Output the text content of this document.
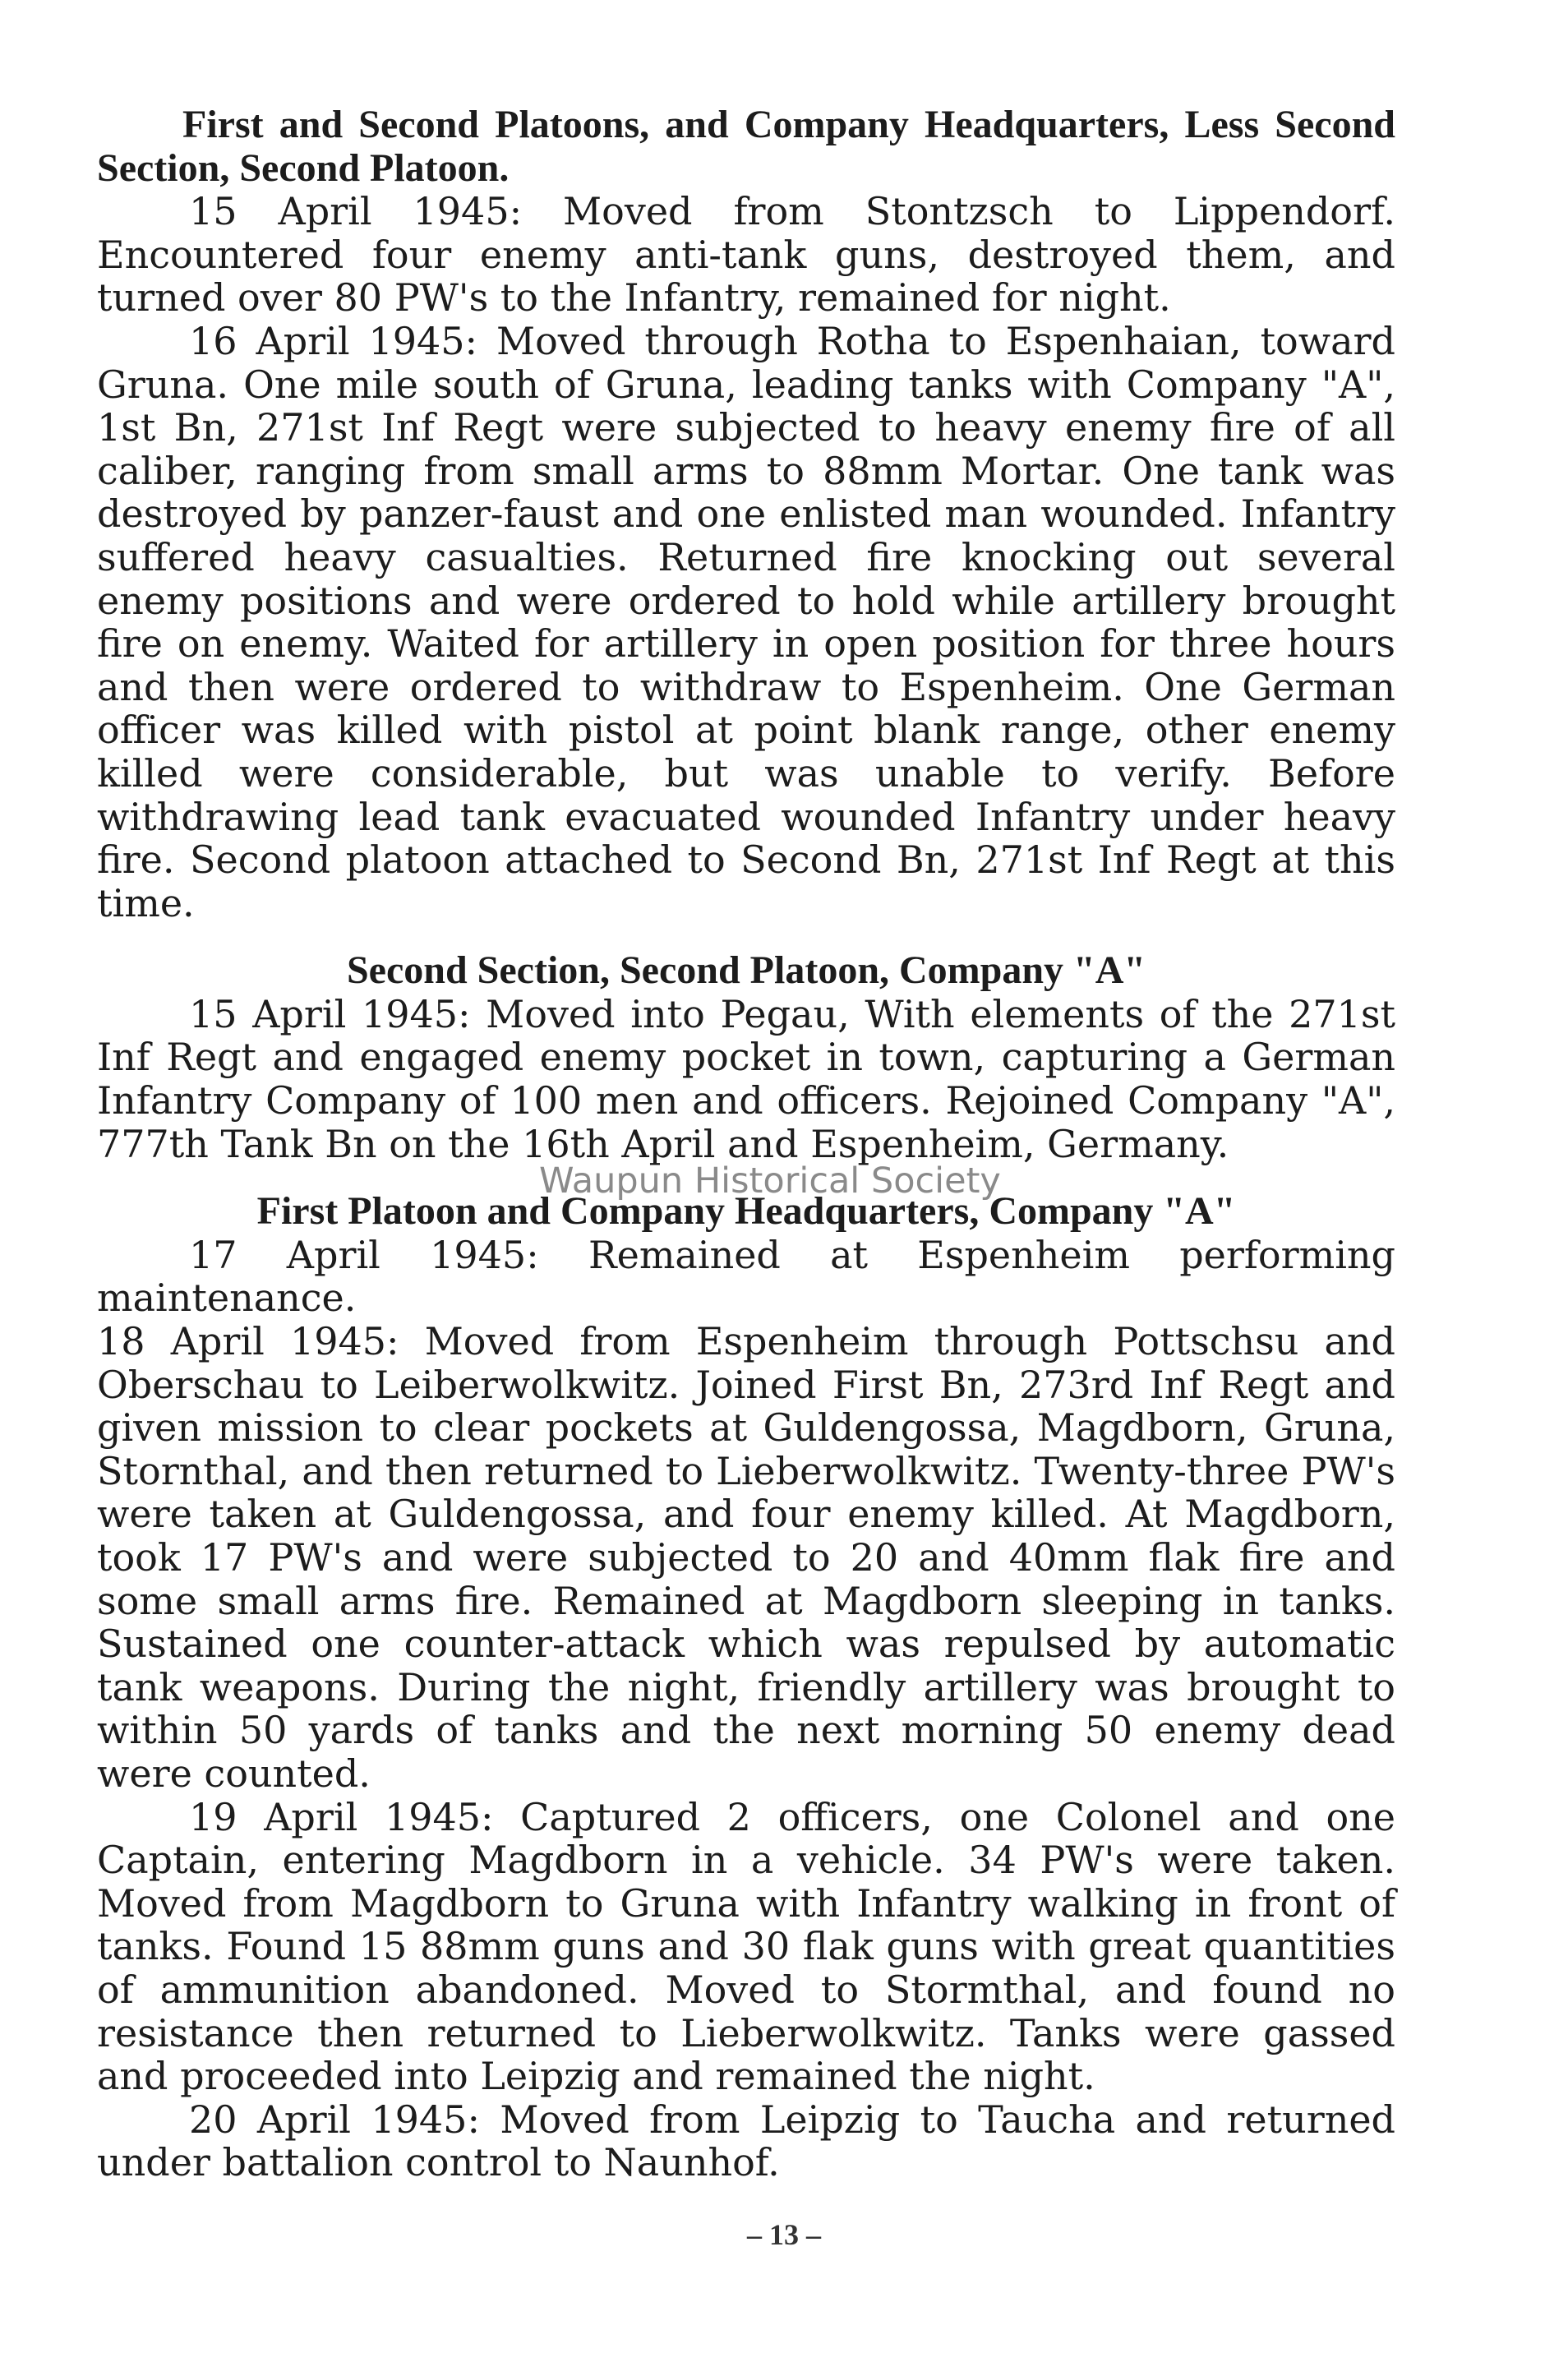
First and Second Platoons, and Company Headquarters, Less Second Section, Second Platoon.

15 April 1945: Moved from Stontzsch to Lippendorf. Encountered four enemy anti-tank guns, destroyed them, and turned over 80 PW's to the Infantry, remained for night.

16 April 1945: Moved through Rotha to Espenhaian, toward Gruna. One mile south of Gruna, leading tanks with Company "A", 1st Bn, 271st Inf Regt were subjected to heavy enemy fire of all caliber, ranging from small arms to 88mm Mortar. One tank was destroyed by panzer-faust and one enlisted man wounded. Infantry suffered heavy casualties. Returned fire knocking out several enemy positions and were ordered to hold while artillery brought fire on enemy. Waited for artillery in open position for three hours and then were ordered to withdraw to Espenheim. One German officer was killed with pistol at point blank range, other enemy killed were considerable, but was unable to verify. Before withdrawing lead tank evacuated wounded Infantry under heavy fire. Second platoon attached to Second Bn, 271st Inf Regt at this time.

Second Section, Second Platoon, Company "A"

15 April 1945: Moved into Pegau, With elements of the 271st Inf Regt and engaged enemy pocket in town, capturing a German Infantry Company of 100 men and officers. Rejoined Company "A", 777th Tank Bn on the 16th April and Espenheim, Germany.

First Platoon and Company Headquarters, Company "A"

17 April 1945: Remained at Espenheim performing maintenance.

18 April 1945: Moved from Espenheim through Pottschsu and Oberschau to Leiberwolkwitz. Joined First Bn, 273rd Inf Regt and given mission to clear pockets at Guldengossa, Magdborn, Gruna, Stornthal, and then returned to Lieberwolkwitz. Twenty-three PW's were taken at Guldengossa, and four enemy killed. At Magdborn, took 17 PW's and were subjected to 20 and 40mm flak fire and some small arms fire. Remained at Magdborn sleeping in tanks. Sustained one counter-attack which was repulsed by automatic tank weapons. During the night, friendly artillery was brought to within 50 yards of tanks and the next morning 50 enemy dead were counted.

19 April 1945: Captured 2 officers, one Colonel and one Captain, entering Magdborn in a vehicle. 34 PW's were taken. Moved from Magdborn to Gruna with Infantry walking in front of tanks. Found 15 88mm guns and 30 flak guns with great quantities of ammunition abandoned. Moved to Stormthal, and found no resistance then returned to Lieberwolkwitz. Tanks were gassed and proceeded into Leipzig and remained the night.

20 April 1945: Moved from Leipzig to Taucha and returned under battalion control to Naunhof.

Waupun Historical Society
– 13 –
